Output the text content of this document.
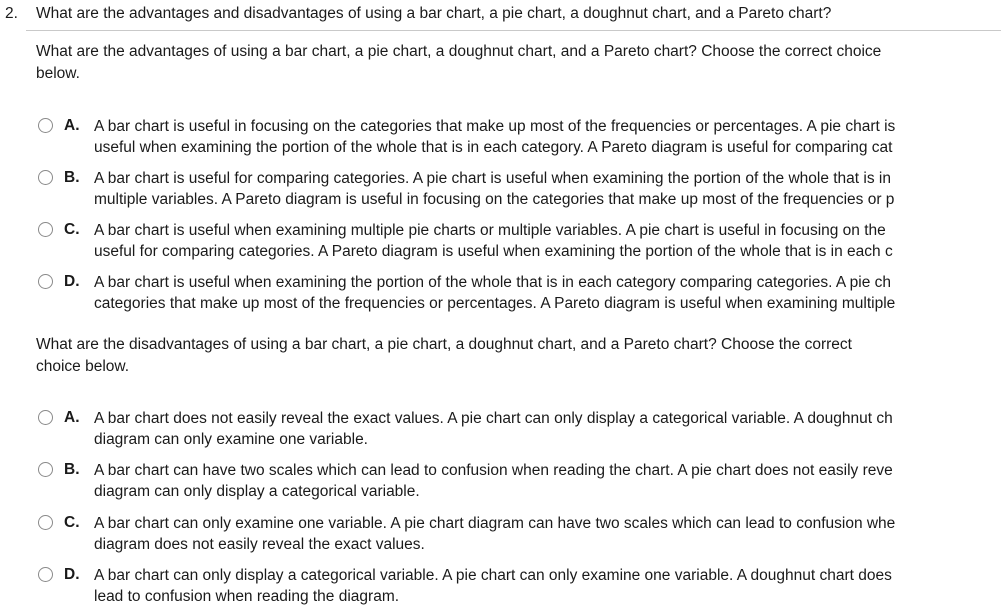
2. What are the advantages and disadvantages of using a bar chart, a pie chart, a doughnut chart, and a Pareto chart?
What are the advantages of using a bar chart, a pie chart, a doughnut chart, and a Pareto chart? Choose the correct choice
below.
A. A bar chart is useful in focusing on the categories that make up most of the frequencies or percentages. A pie chart is
useful when examining the portion of the whole that is in each category. A Pareto diagram is useful for comparing cat
B. A bar chart is useful for comparing categories. A pie chart is useful when examining the portion of the whole that is in
multiple variables. A Pareto diagram is useful in focusing on the categories that make up most of the frequencies or p
C. A bar chart is useful when examining multiple pie charts or multiple variables. A pie chart is useful in focusing on the
useful for comparing categories. A Pareto diagram is useful when examining the portion of the whole that is in each c
D. A bar chart is useful when examining the portion of the whole that is in each category comparing categories. A pie ch
categories that make up most of the frequencies or percentages. A Pareto diagram is useful when examining multiple
What are the disadvantages of using a bar chart, a pie chart, a doughnut chart, and a Pareto chart? Choose the correct
choice below.
A. A bar chart does not easily reveal the exact values. A pie chart can only display a categorical variable. A doughnut ch
diagram can only examine one variable.
B. A bar chart can have two scales which can lead to confusion when reading the chart. A pie chart does not easily reve
diagram can only display a categorical variable.
C. A bar chart can only examine one variable. A pie chart diagram can have two scales which can lead to confusion whe
diagram does not easily reveal the exact values.
D. A bar chart can only display a categorical variable. A pie chart can only examine one variable. A doughnut chart does
lead to confusion when reading the diagram.
